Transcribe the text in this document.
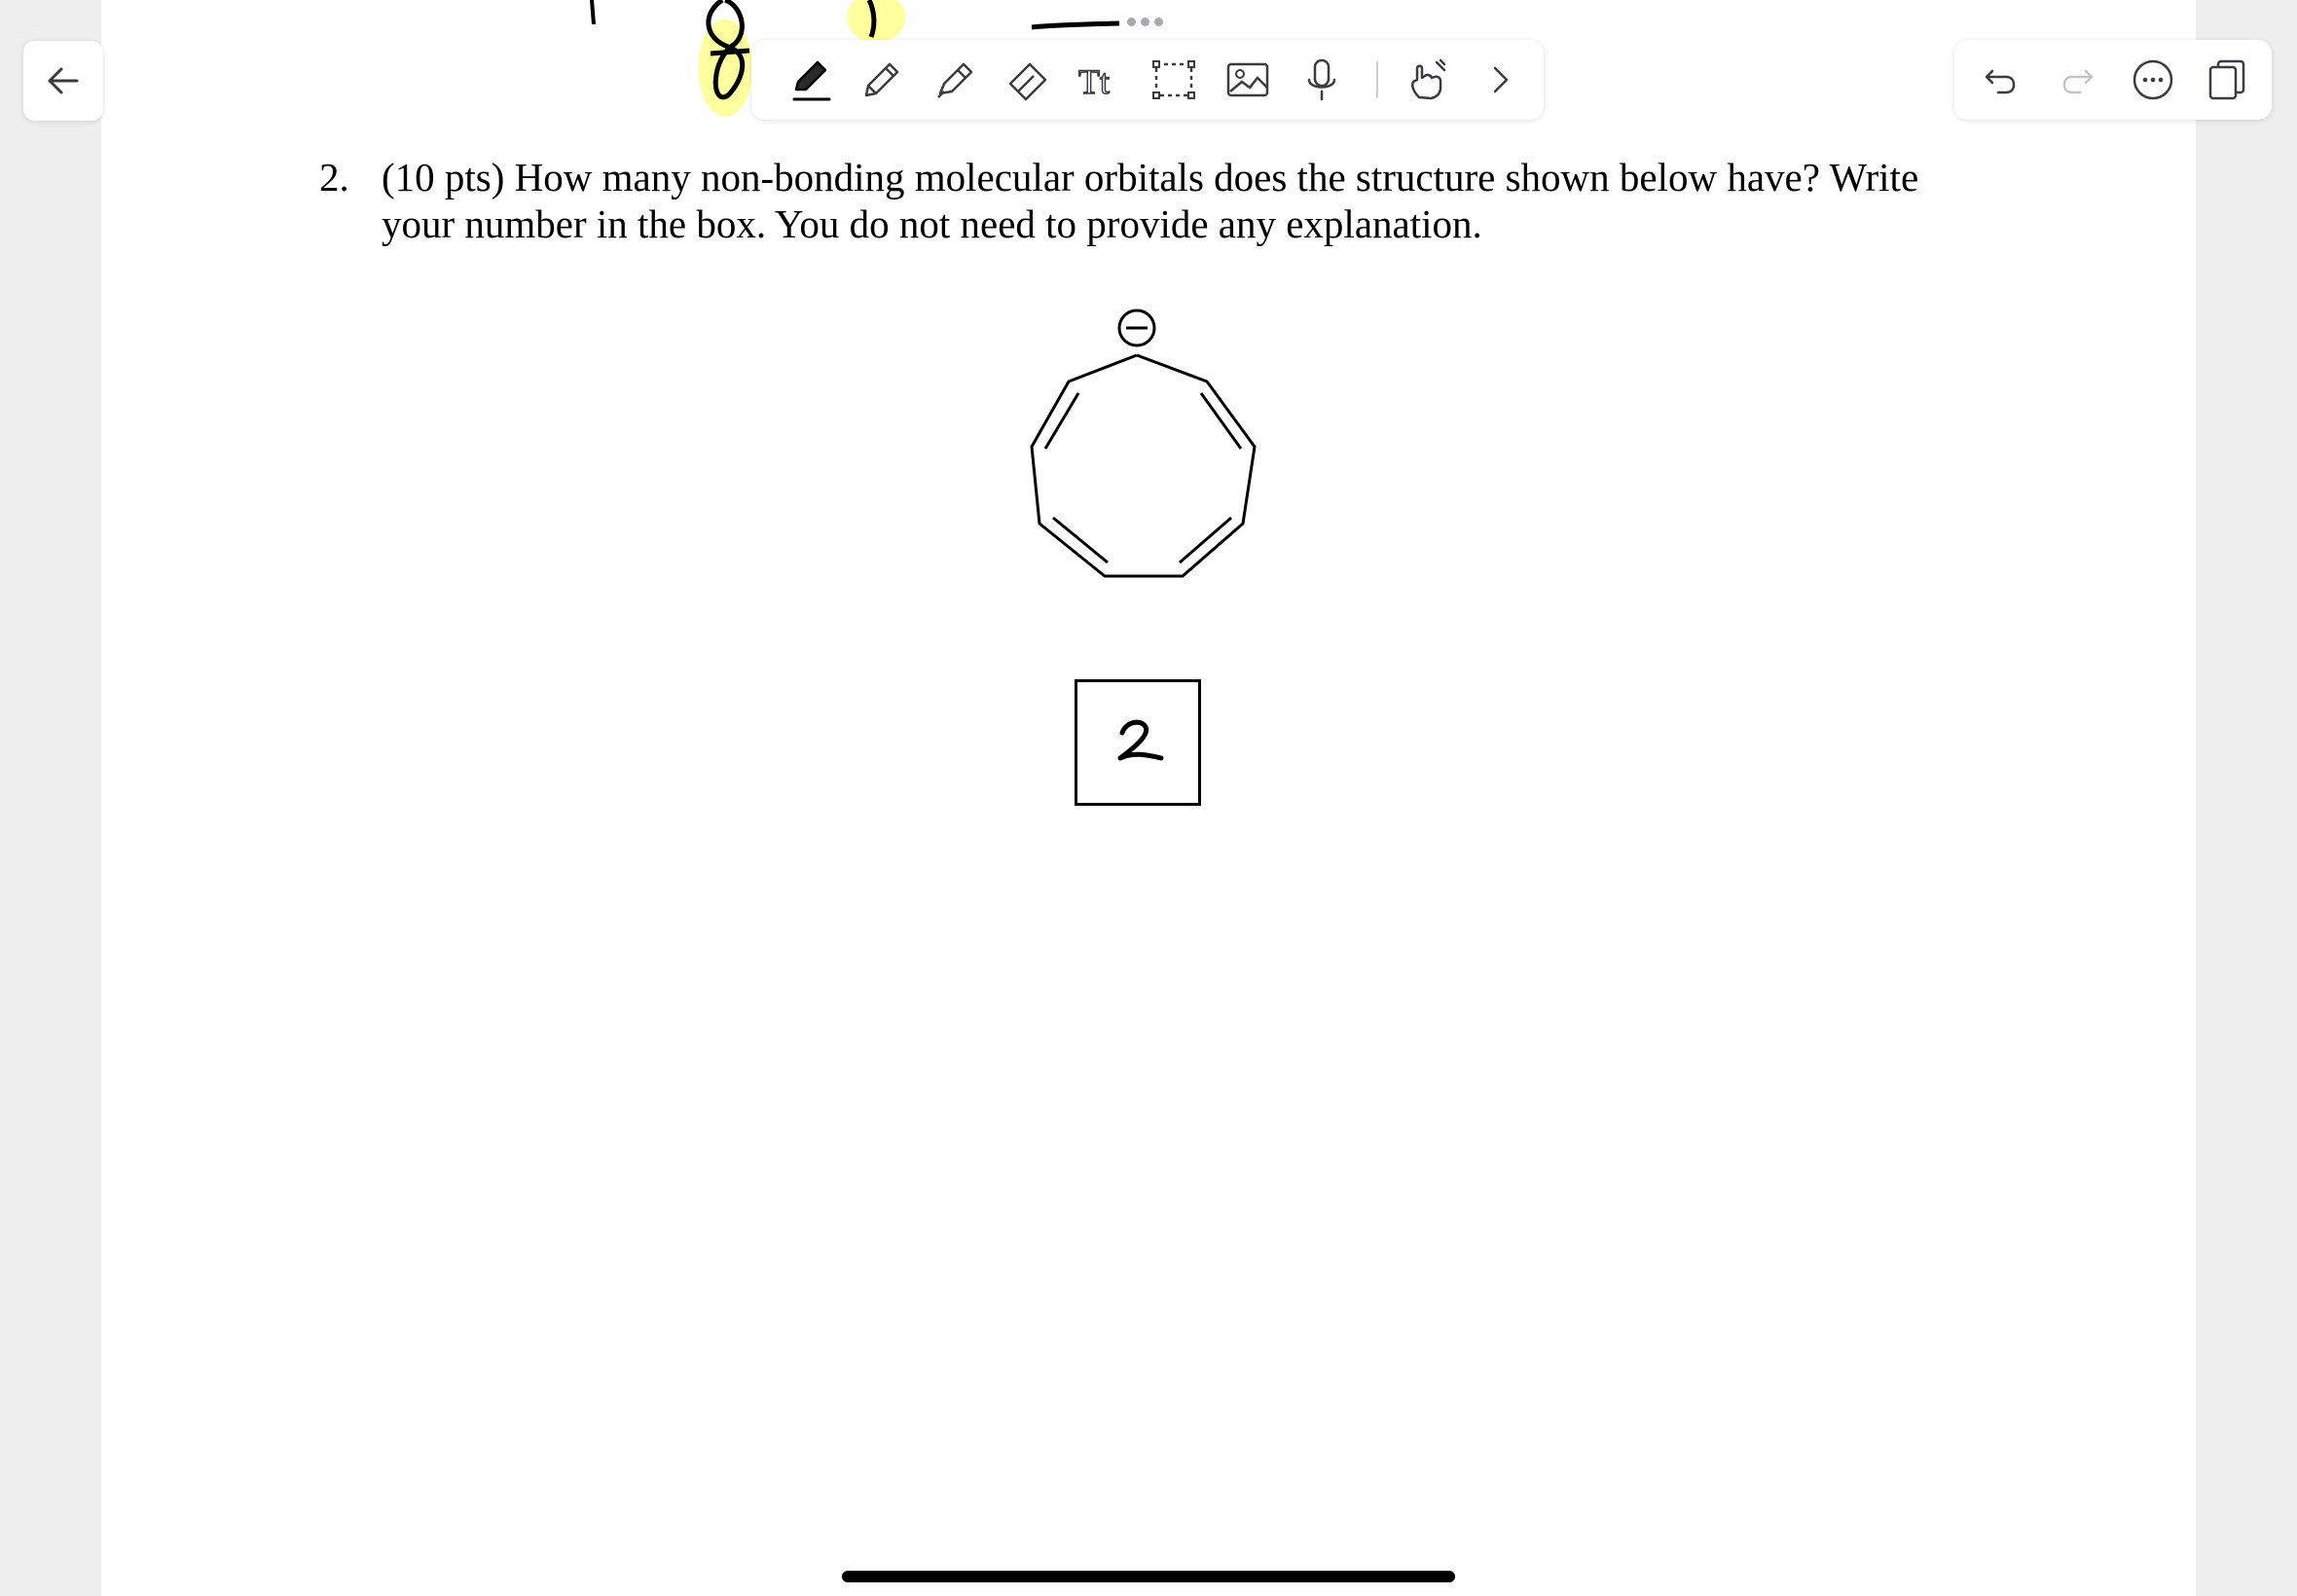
Tt
2. (10 pts) How many non-bonding molecular orbitals does the structure shown below have? Write your number in the box. You do not need to provide any explanation.
